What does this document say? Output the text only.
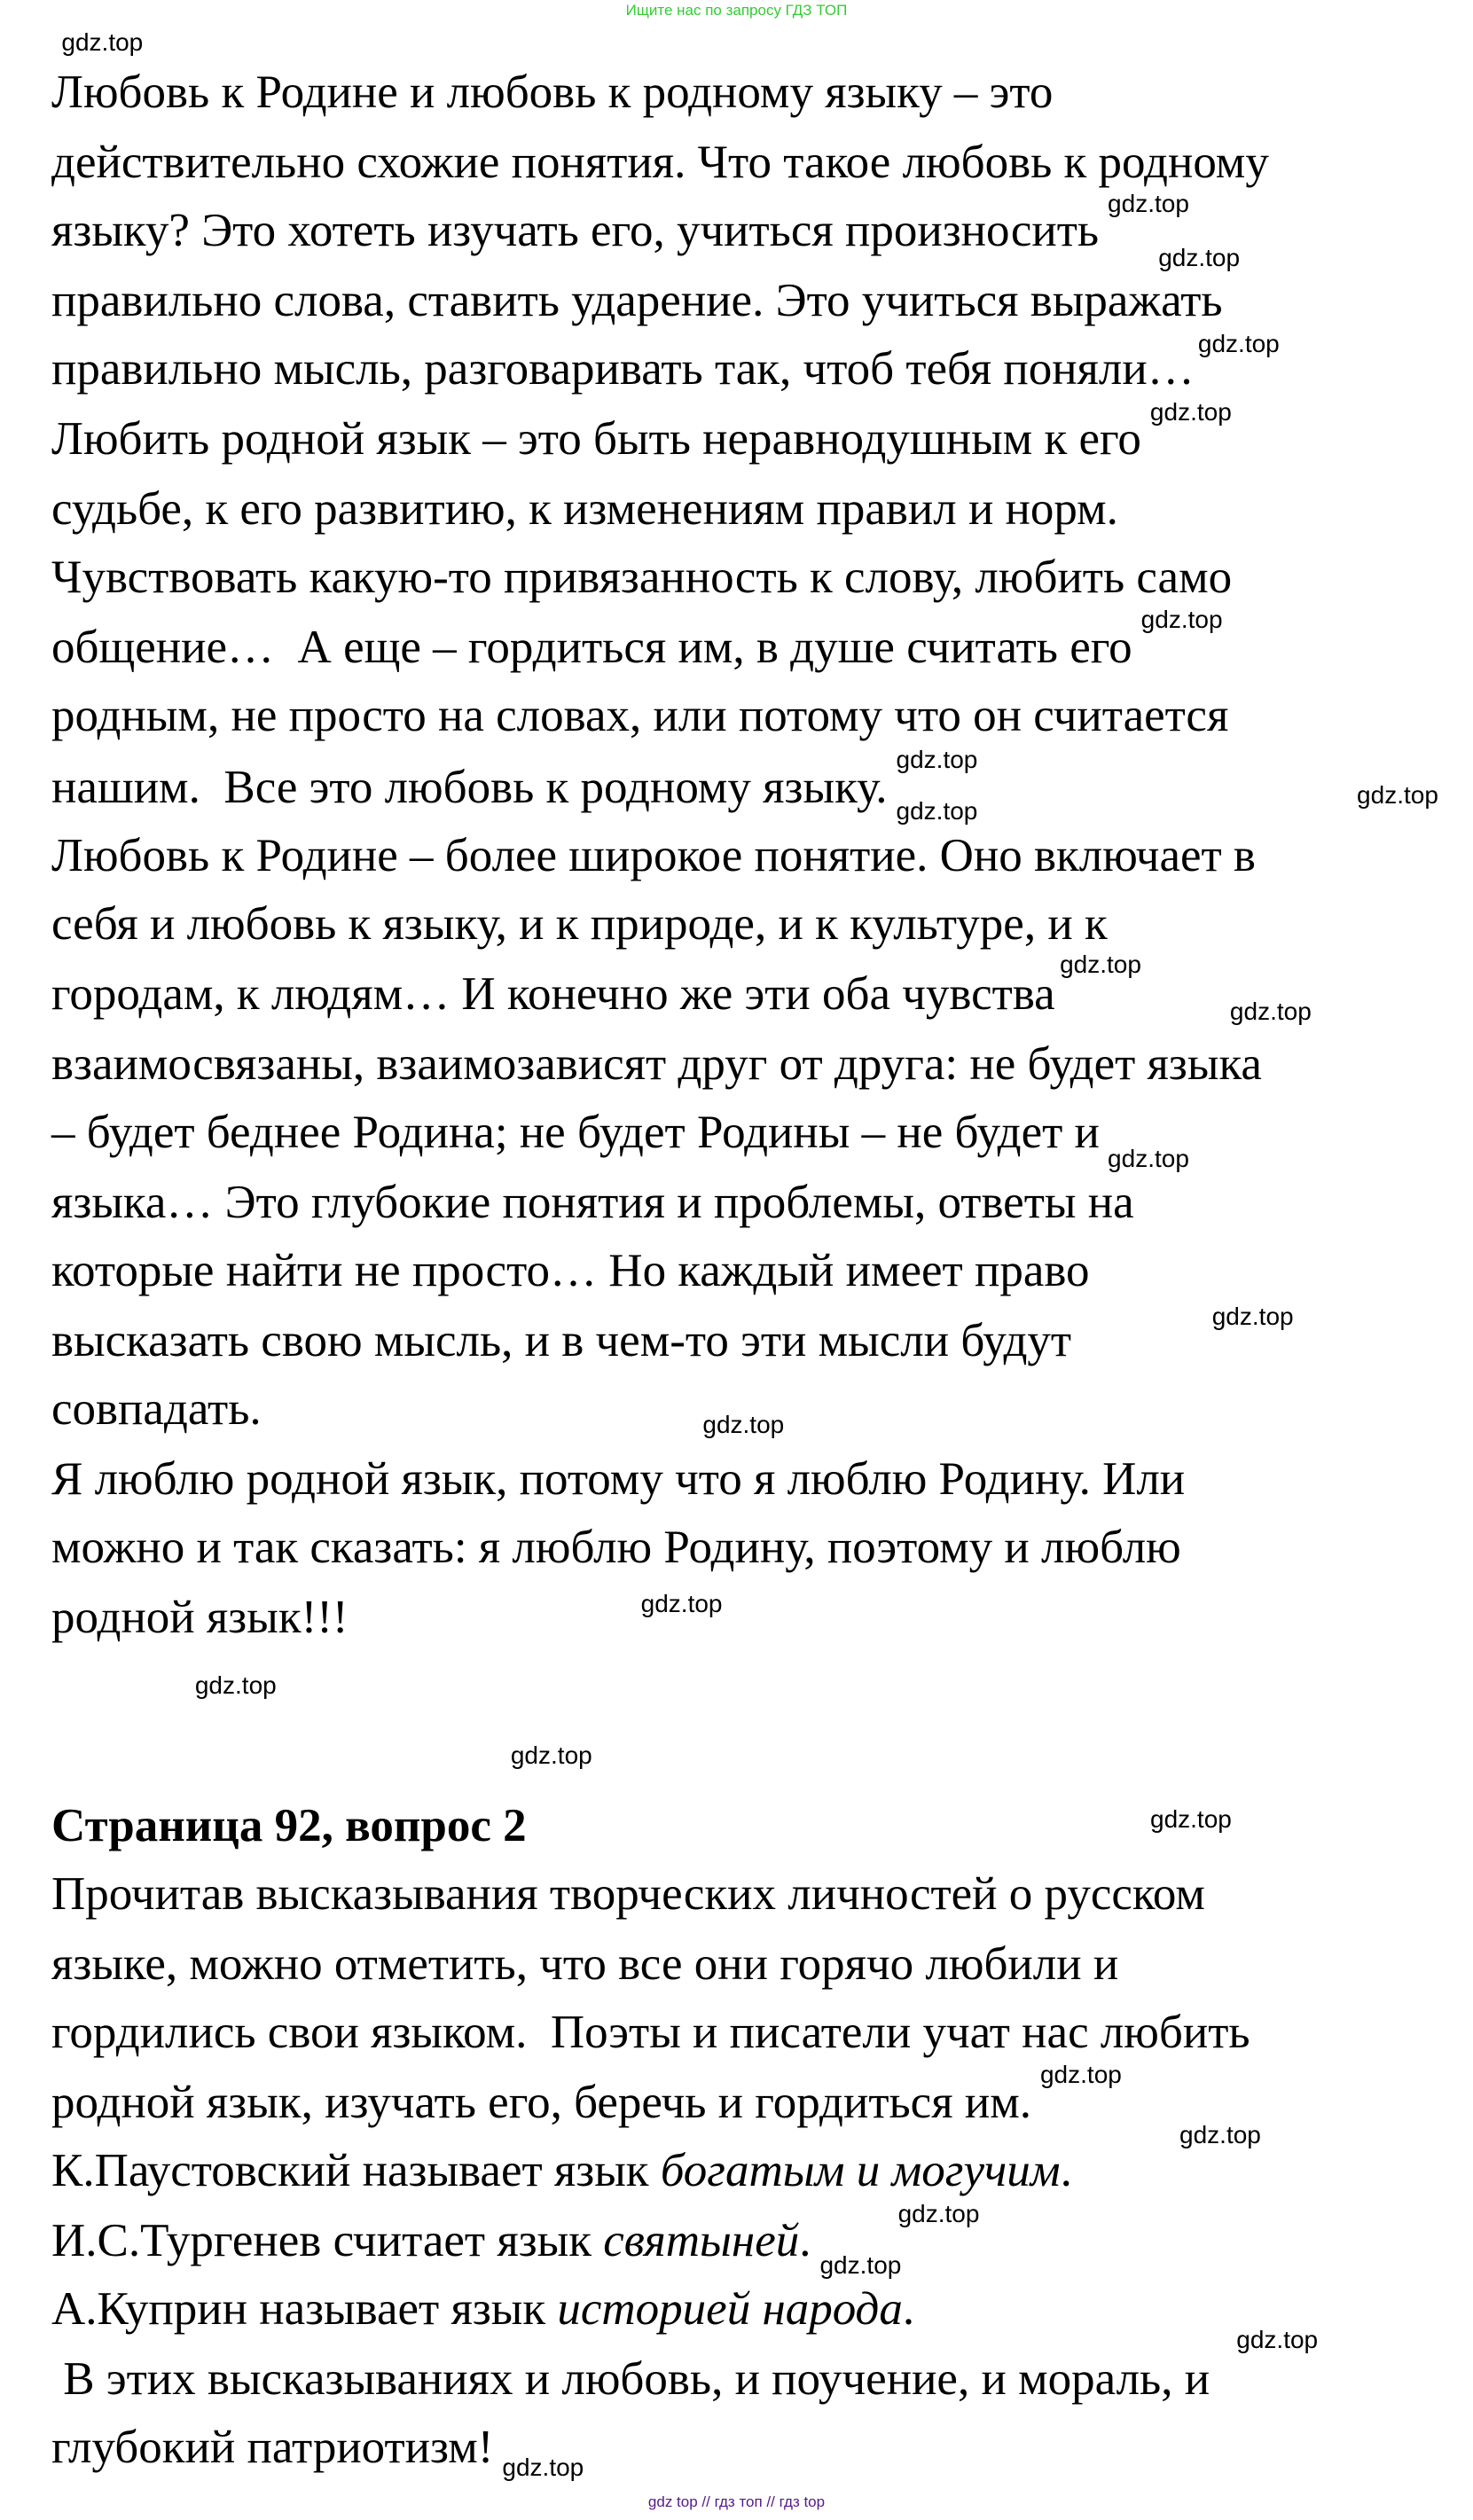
Ищите нас по запросу ГДЗ ТОП
Любовь к Родине и любовь к родному языку – это
действительно схожие понятия. Что такое любовь к родному
языку? Это хотеть изучать его, учиться произносить
правильно слова, ставить ударение. Это учиться выражать
правильно мысль, разговаривать так, чтоб тебя поняли…
Любить родной язык – это быть неравнодушным к его
судьбе, к его развитию, к изменениям правил и норм.
Чувствовать какую-то привязанность к слову, любить само
общение…  А еще – гордиться им, в душе считать его
родным, не просто на словах, или потому что он считается
нашим.  Все это любовь к родному языку.
Любовь к Родине – более широкое понятие. Оно включает в
себя и любовь к языку, и к природе, и к культуре, и к
городам, к людям… И конечно же эти оба чувства
взаимосвязаны, взаимозависят друг от друга: не будет языка
– будет беднее Родина; не будет Родины – не будет и
языка… Это глубокие понятия и проблемы, ответы на
которые найти не просто… Но каждый имеет право
высказать свою мысль, и в чем-то эти мысли будут
совпадать.
Я люблю родной язык, потому что я люблю Родину. Или
можно и так сказать: я люблю Родину, поэтому и люблю
родной язык!!!
Прочитав высказывания творческих личностей о русском
языке, можно отметить, что все они горячо любили и
гордились свои языком.  Поэты и писатели учат нас любить
родной язык, изучать его, беречь и гордиться им.
К.Паустовский называет язык богатым и могучим.
И.С.Тургенев считает язык святыней.
А.Куприн называет язык историей народа.
В этих высказываниях и любовь, и поучение, и мораль, и
глубокий патриотизм!
Страница 92, вопрос 2
gdz top // гдз топ // гдз top
gdz.top
gdz.top
gdz.top
gdz.top
gdz.top
gdz.top
gdz.top
gdz.top
gdz.top
gdz.top
gdz.top
gdz.top
gdz.top
gdz.top
gdz.top
gdz.top
gdz.top
gdz.top
gdz.top
gdz.top
gdz.top
gdz.top
gdz.top
gdz.top
